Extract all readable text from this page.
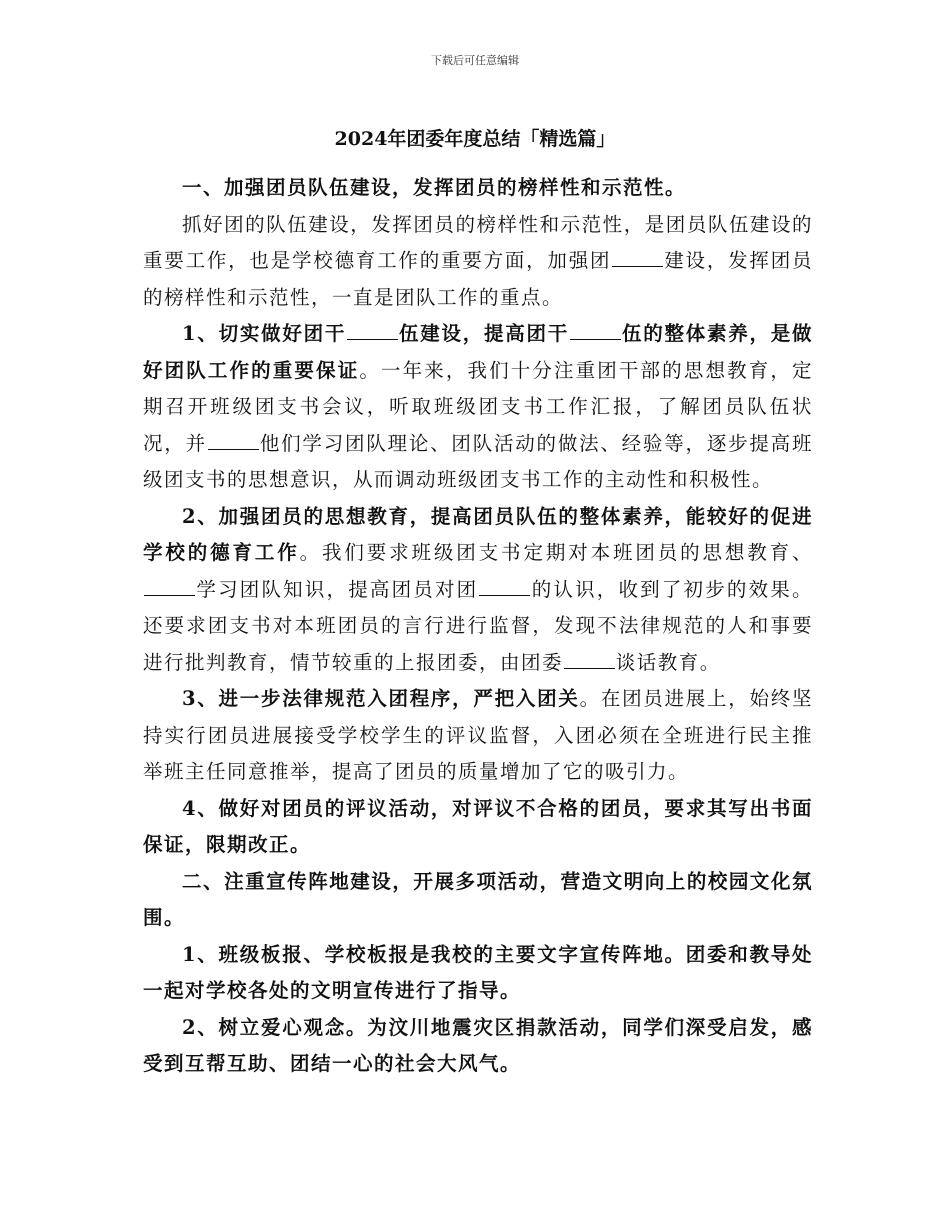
下载后可任意编辑
2024年团委年度总结「精选篇」

一、加强团员队伍建设，发挥团员的榜样性和示范性。

抓好团的队伍建设，发挥团员的榜样性和示范性，是团员队伍建设的重要工作，也是学校德育工作的重要方面，加强团	建设，发挥团员的榜样性和示范性，一直是团队工作的重点。

1、切实做好团干	伍建设，提高团干	伍的整体素养，是做好团队工作的重要保证。一年来，我们十分注重团干部的思想教育，定期召开班级团支书会议，听取班级团支书工作汇报，了解团员队伍状况，并	他们学习团队理论、团队活动的做法、经验等，逐步提高班级团支书的思想意识，从而调动班级团支书工作的主动性和积极性。

2、加强团员的思想教育，提高团员队伍的整体素养，能较好的促进学校的德育工作。我们要求班级团支书定期对本班团员的思想教育、学习团队知识，提高团员对团	的认识，收到了初步的效果。还要求团支书对本班团员的言行进行监督，发现不法律规范的人和事要进行批判教育，情节较重的上报团委，由团委	谈话教育。

3、进一步法律规范入团程序，严把入团关。在团员进展上，始终坚持实行团员进展接受学校学生的评议监督，入团必须在全班进行民主推举班主任同意推举，提高了团员的质量增加了它的吸引力。

4、做好对团员的评议活动，对评议不合格的团员，要求其写出书面保证，限期改正。

二、注重宣传阵地建设，开展多项活动，营造文明向上的校园文化氛围。

1、班级板报、学校板报是我校的主要文字宣传阵地。团委和教导处一起对学校各处的文明宣传进行了指导。

2、树立爱心观念。为汶川地震灾区捐款活动，同学们深受启发，感受到互帮互助、团结一心的社会大风气。
